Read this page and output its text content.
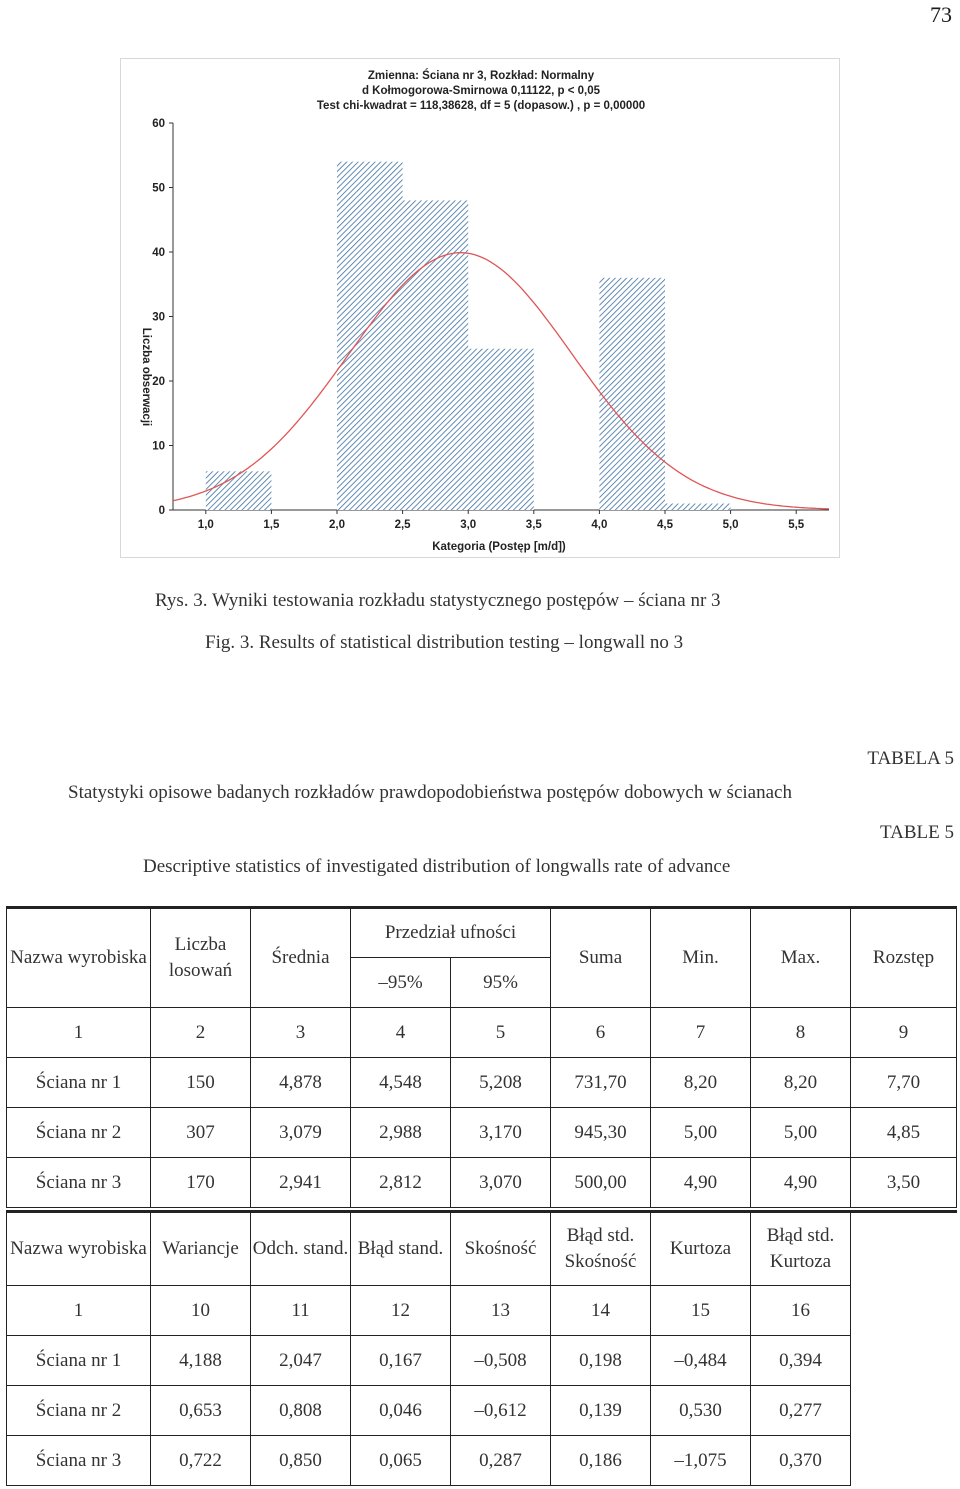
73
Zmienna: Ściana nr 3, Rozkład: Normalny
d Kołmogorowa-Smirnowa 0,11122, p < 0,05
Test chi-kwadrat = 118,38628, df = 5 (dopasow.) , p = 0,00000
0
10
20
30
40
50
60
1,0	1,5	2,0	2,5	3,0	3,5	4,0	4,5	5,0	5,5
Kategoria (Postęp [m/d])
Liczba obserwacji
Rys. 3. Wyniki testowania rozkładu statystycznego postępów – ściana nr 3
Fig. 3. Results of statistical distribution testing – longwall no 3
TABELA 5
Statystyki opisowe badanych rozkładów prawdopodobieństwa postępów dobowych w ścianach
TABLE 5
Descriptive statistics of investigated distribution of longwalls rate of advance
Nazwa wyrobiska	Liczba losowań	Średnia	Przedział ufności		Suma	Min.	Max.	Rozstęp
			–95%	95%				
1	2	3	4	5	6	7	8	9
Ściana nr 1	150	4,878	4,548	5,208	731,70	8,20	8,20	7,70
Ściana nr 2	307	3,079	2,988	3,170	945,30	5,00	5,00	4,85
Ściana nr 3	170	2,941	2,812	3,070	500,00	4,90	4,90	3,50
Nazwa wyrobiska	Wariancje	Odch. stand.	Błąd stand.	Skośność	Błąd std. Skośność	Kurtoza	Błąd std. Kurtoza	
1	10	11	12	13	14	15	16	
Ściana nr 1	4,188	2,047	0,167	–0,508	0,198	–0,484	0,394	
Ściana nr 2	0,653	0,808	0,046	–0,612	0,139	0,530	0,277	
Ściana nr 3	0,722	0,850	0,065	0,287	0,186	–1,075	0,370	
